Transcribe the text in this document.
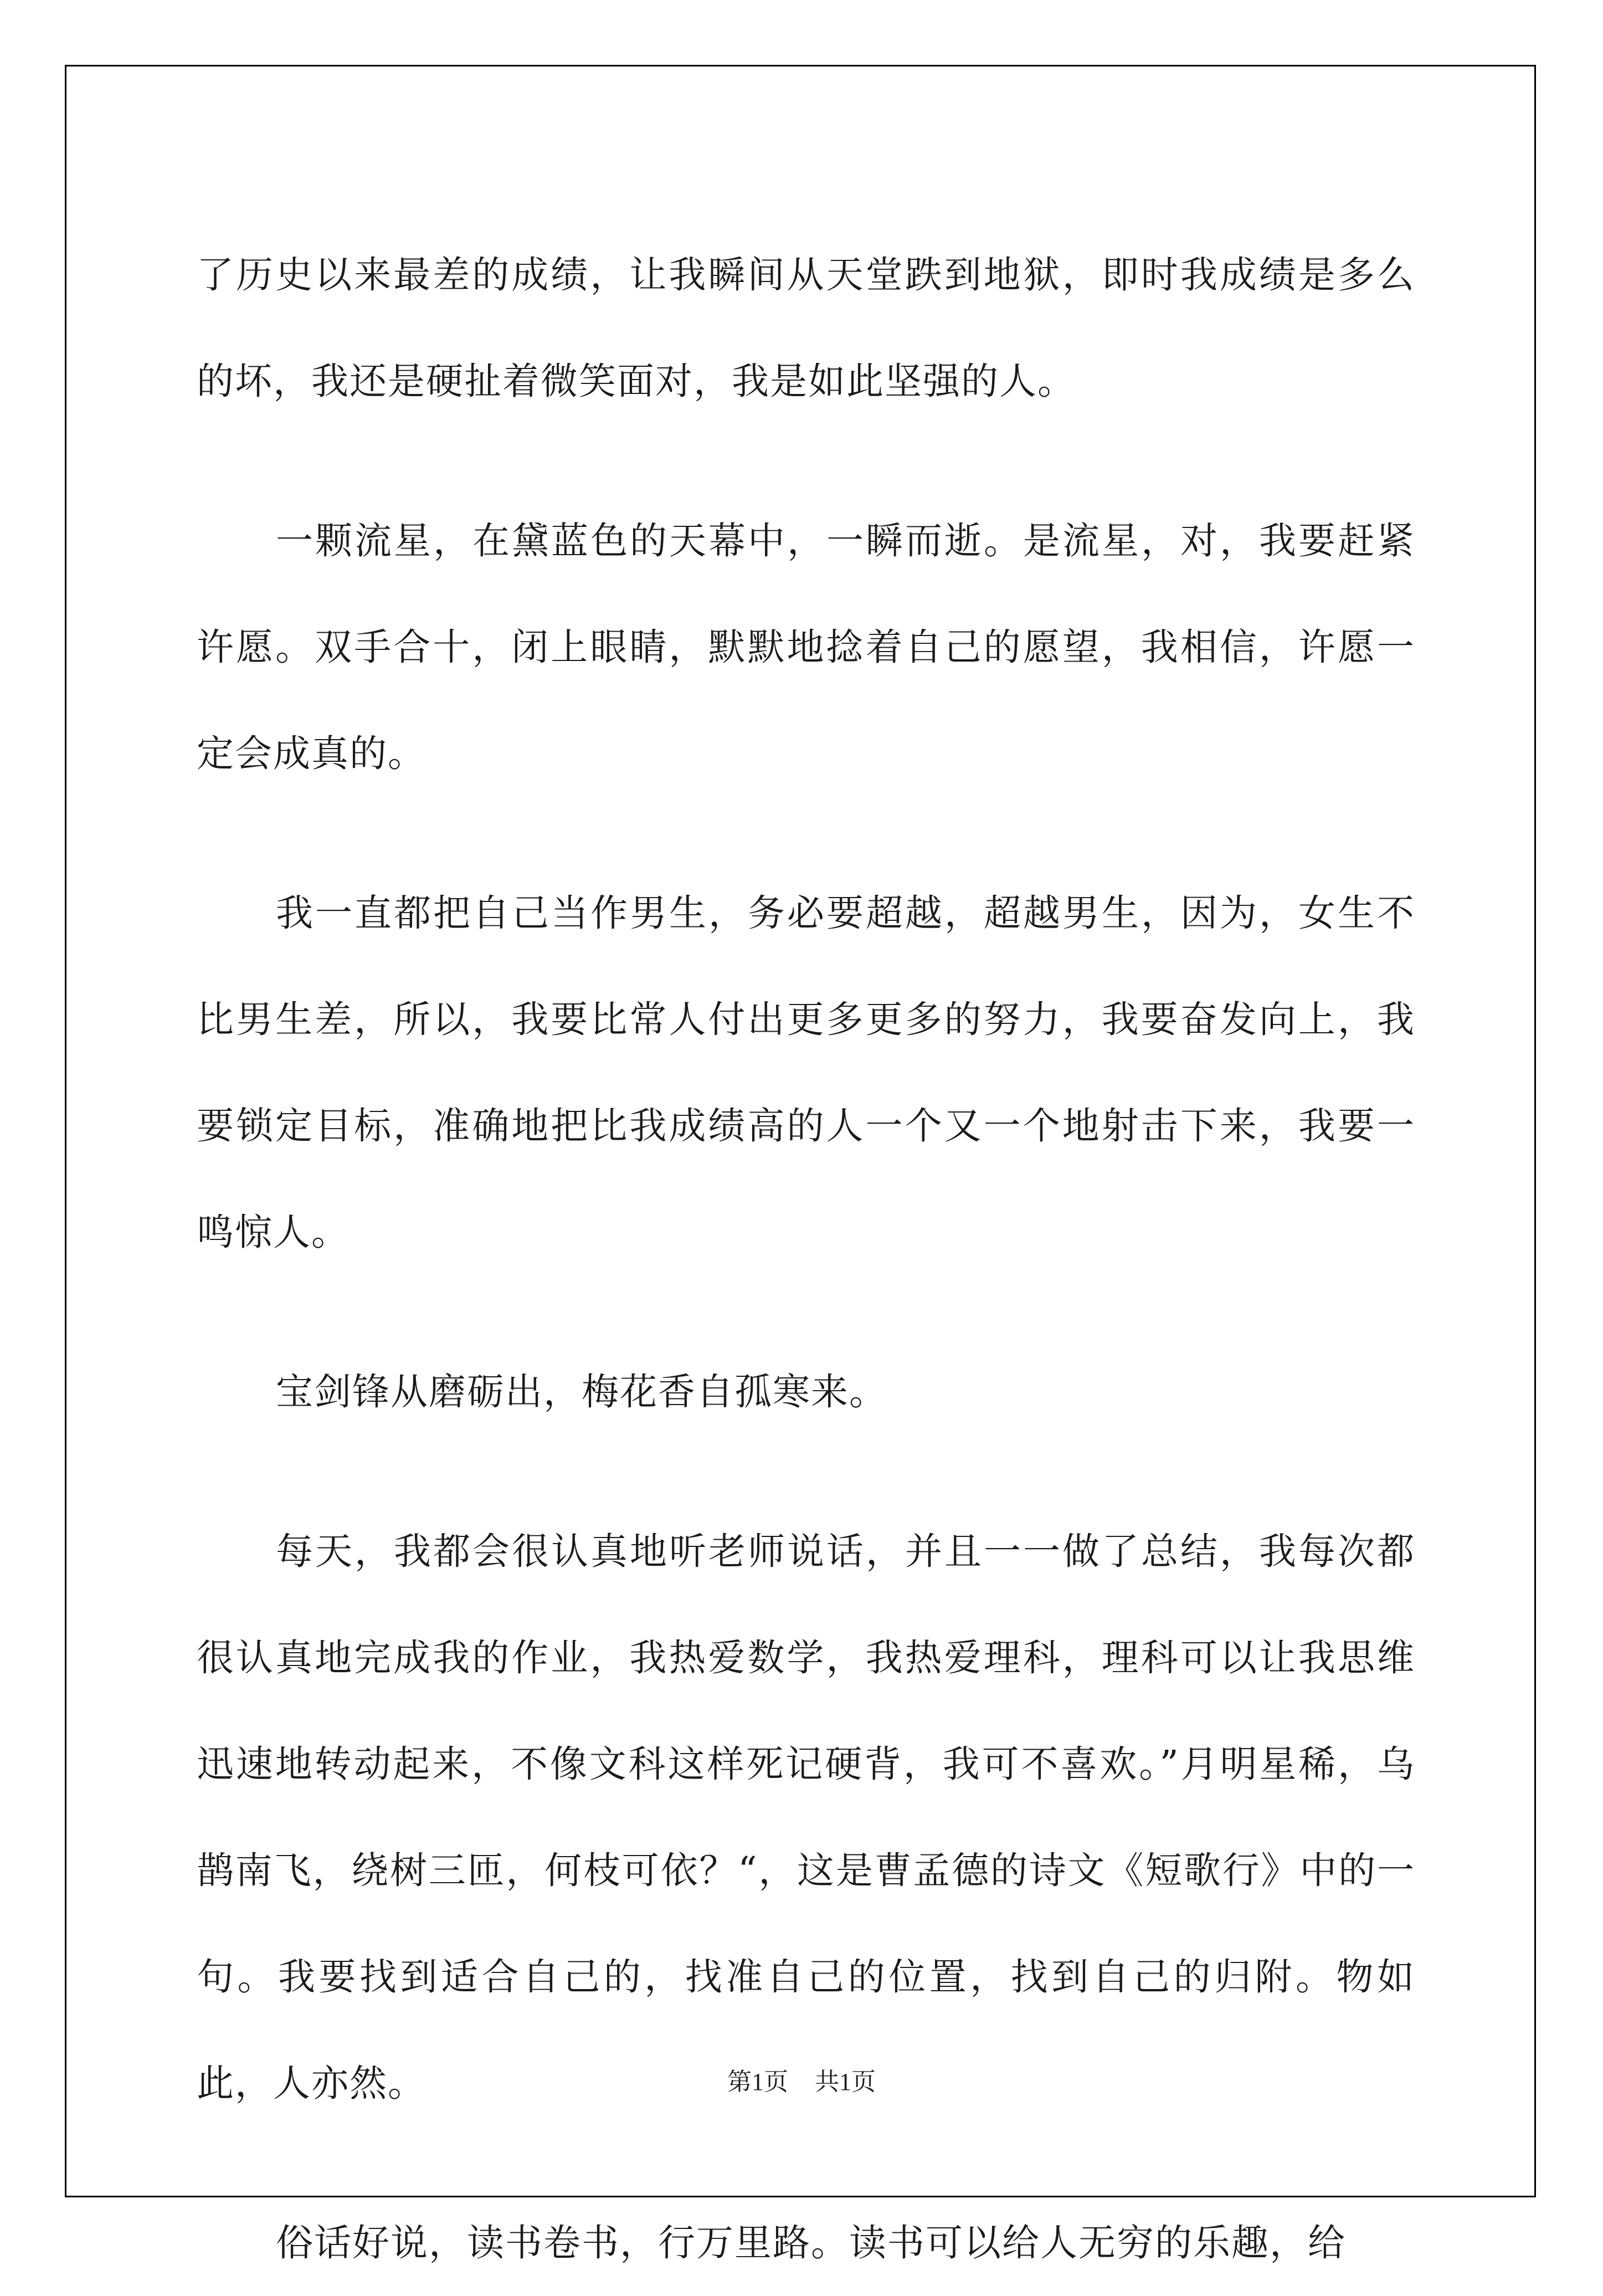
了历史以来最差的成绩，让我瞬间从天堂跌到地狱，即时我成绩是多么的坏，我还是硬扯着微笑面对，我是如此坚强的人。

一颗流星，在黛蓝色的天幕中，一瞬而逝。是流星，对，我要赶紧许愿。双手合十，闭上眼睛，默默地捻着自己的愿望，我相信，许愿一定会成真的。

我一直都把自己当作男生，务必要超越，超越男生，因为，女生不比男生差，所以，我要比常人付出更多更多的努力，我要奋发向上，我要锁定目标，准确地把比我成绩高的人一个又一个地射击下来，我要一鸣惊人。

宝剑锋从磨砺出，梅花香自孤寒来。

每天，我都会很认真地听老师说话，并且一一做了总结，我每次都很认真地完成我的作业，我热爱数学，我热爱理科，理科可以让我思维迅速地转动起来，不像文科这样死记硬背，我可不喜欢。”月明星稀，乌鹊南飞，绕树三匝，何枝可依？“，这是曹孟德的诗文《短歌行》中的一句。我要找到适合自己的，找准自己的位置，找到自己的归附。物如此，人亦然。

俗话好说，读书卷书，行万里路。读书可以给人无穷的乐趣，给

第1页 共1页
